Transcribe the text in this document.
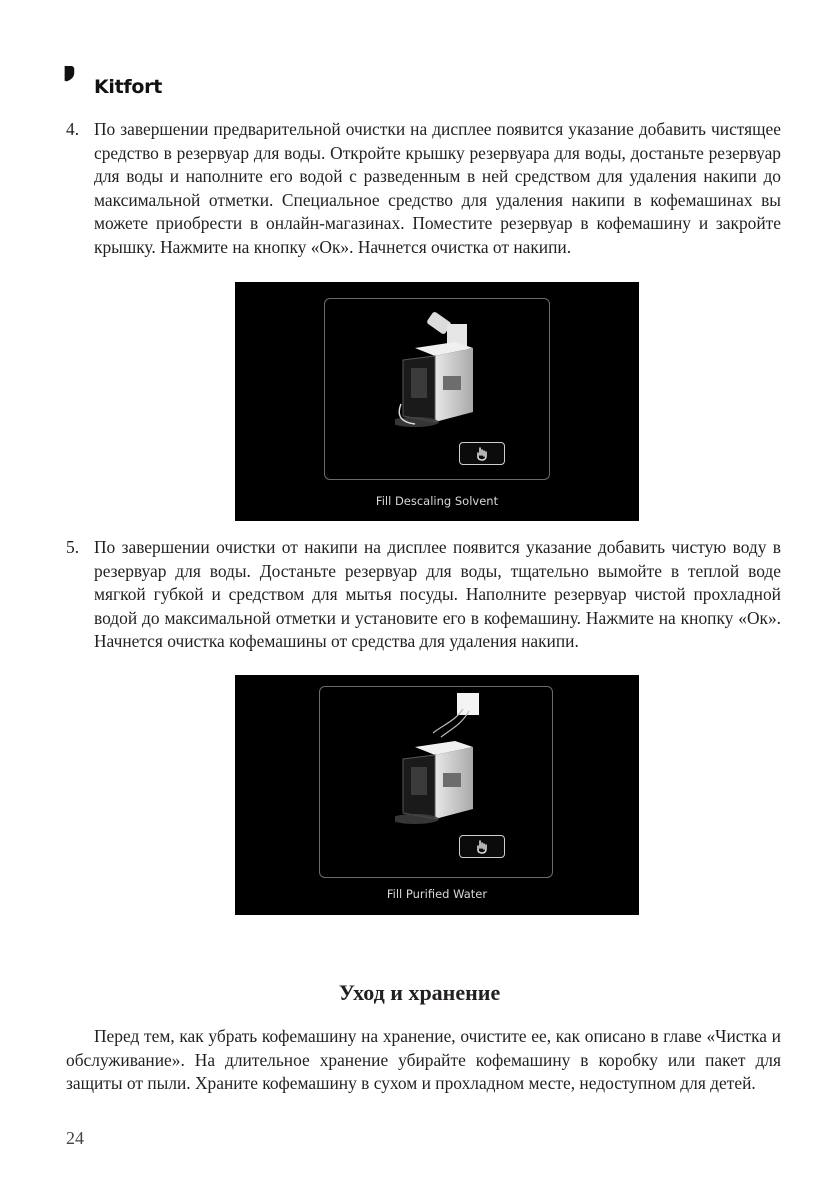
Kitfort
4. По завершении предварительной очистки на дисплее появится указание добавить чистящее средство в резервуар для воды. Откройте крышку резервуара для воды, достаньте резервуар для воды и наполните его водой с разведенным в ней средством для удаления накипи до максимальной отметки. Специальное средство для удаления накипи в кофемашинах вы можете приобрести в онлайн-магазинах. Поместите резервуар в кофемашину и закройте крышку. Нажмите на кнопку «Ок». Начнется очистка от накипи.

Fill Descaling Solvent
5. По завершении очистки от накипи на дисплее появится указание добавить чистую воду в резервуар для воды. Достаньте резервуар для воды, тщательно вымойте в теплой воде мягкой губкой и средством для мытья посуды. Наполните резервуар чистой прохладной водой до максимальной отметки и установите его в кофемашину. Нажмите на кнопку «Ок». Начнется очистка кофемашины от средства для удаления накипи.

Fill Purified Water
Уход и хранение

Перед тем, как убрать кофемашину на хранение, очистите ее, как описано в главе «Чистка и обслуживание». На длительное хранение убирайте кофемашину в коробку или пакет для защиты от пыли. Храните кофемашину в сухом и прохладном месте, недоступном для детей.

24
